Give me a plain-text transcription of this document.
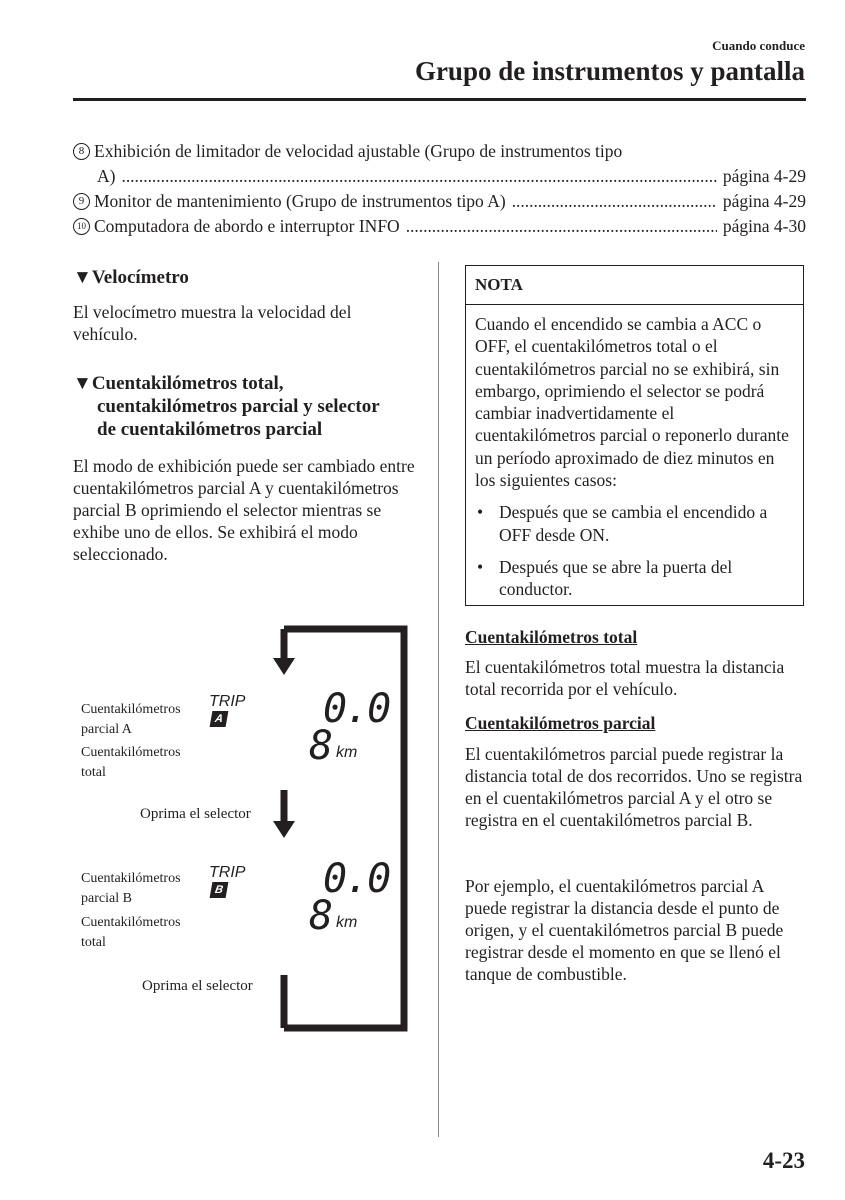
Cuando conduce
Grupo de instrumentos y pantalla
8 Exhibición de limitador de velocidad ajustable (Grupo de instrumentos tipo
A) . . .	página 4-29
9 Monitor de mantenimiento (Grupo de instrumentos tipo A) . . .	página 4-29
10 Computadora de abordo e interruptor INFO . . .	página 4-30
▼Velocímetro
El velocímetro muestra la velocidad del vehículo.
▼Cuentakilómetros total,
cuentakilómetros parcial y selector
de cuentakilómetros parcial
El modo de exhibición puede ser cambiado entre cuentakilómetros parcial A y cuentakilómetros parcial B oprimiendo el selector mientras se exhibe uno de ellos. Se exhibirá el modo seleccionado.
Cuentakilómetros
parcial A
Cuentakilómetros
total
TRIP
A	0.0
8 km
Oprima el selector
Cuentakilómetros
parcial B
Cuentakilómetros
total
TRIP
B	0.0
8 km
Oprima el selector
NOTA
Cuando el encendido se cambia a ACC o OFF, el cuentakilómetros total o el cuentakilómetros parcial no se exhibirá, sin embargo, oprimiendo el selector se podrá cambiar inadvertidamente el cuentakilómetros parcial o reponerlo durante un período aproximado de diez minutos en los siguientes casos:
• Después que se cambia el encendido a OFF desde ON.
• Después que se abre la puerta del conductor.
Cuentakilómetros total
El cuentakilómetros total muestra la distancia total recorrida por el vehículo.
Cuentakilómetros parcial
El cuentakilómetros parcial puede registrar la distancia total de dos recorridos. Uno se registra en el cuentakilómetros parcial A y el otro se registra en el cuentakilómetros parcial B.
Por ejemplo, el cuentakilómetros parcial A puede registrar la distancia desde el punto de origen, y el cuentakilómetros parcial B puede registrar desde el momento en que se llenó el tanque de combustible.
4-23
